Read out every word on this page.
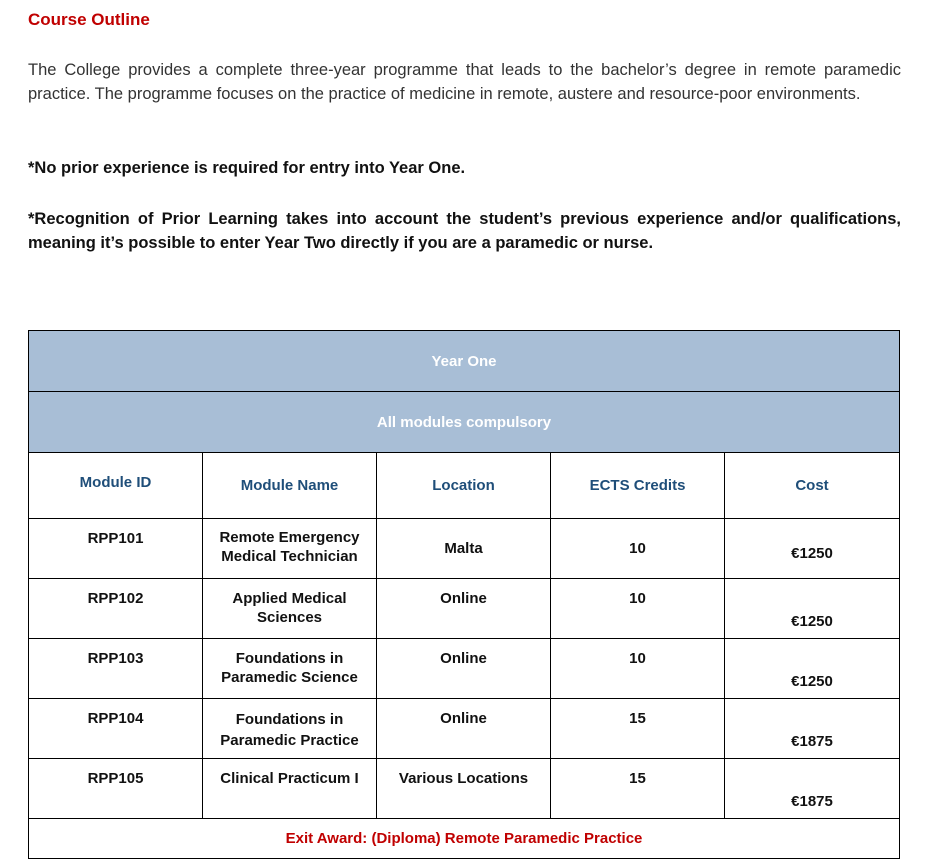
Course Outline

The College provides a complete three-year programme that leads to the bachelor’s degree in remote paramedic practice. The programme focuses on the practice of medicine in remote, austere and resource-poor environments.

*No prior experience is required for entry into Year One.

*Recognition of Prior Learning takes into account the student’s previous experience and/or qualifications, meaning it’s possible to enter Year Two directly if you are a paramedic or nurse.

Year One				
All modules compulsory				
Module ID	Module Name	Location	ECTS Credits	Cost

RPP101	Remote Emergency Medical Technician	Malta	10	€1250

RPP102	Applied Medical Sciences	Online	10	€1250

RPP103	Foundations in Paramedic Science	Online	10	€1250

RPP104	Foundations in Paramedic Practice	Online	15	€1875

RPP105	Clinical Practicum I	Various Locations	15	€1875

Exit Award: (Diploma) Remote Paramedic Practice				
